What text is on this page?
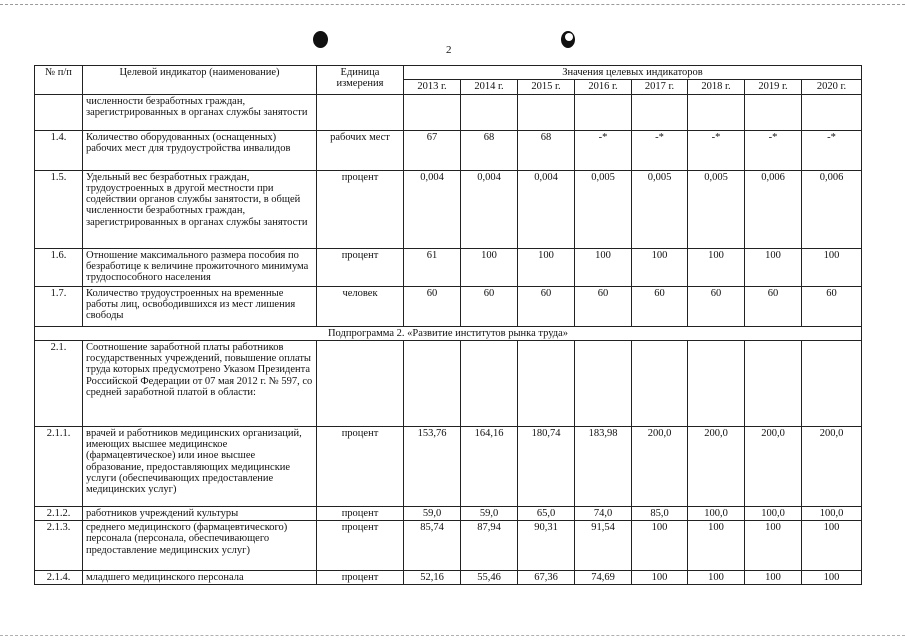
2
№ п/п	Целевой индикатор (наименование)	Единица измерения	Значения целевых индикаторов							
			2013 г.	2014 г.	2015 г.	2016 г.	2017 г.	2018 г.	2019 г.	2020 г.
	численности безработных граждан, зарегистрированных в органах службы занятости									
1.4.	Количество оборудованных (оснащенных) рабочих мест для трудоустройства инвалидов	рабочих мест	67	68	68	-*	-*	-*	-*	-*
1.5.	Удельный вес безработных граждан, трудоустроенных в другой местности при содействии органов службы занятости, в общей численности безработных граждан, зарегистрированных в органах службы занятости	процент	0,004	0,004	0,004	0,005	0,005	0,005	0,006	0,006
1.6.	Отношение максимального размера пособия по безработице к величине прожиточного минимума трудоспособного населения	процент	61	100	100	100	100	100	100	100
1.7.	Количество трудоустроенных на временные работы лиц, освободившихся из мест лишения свободы	человек	60	60	60	60	60	60	60	60
Подпрограмма 2. «Развитие институтов рынка труда»										
2.1.	Соотношение заработной платы работников государственных учреждений, повышение оплаты труда которых предусмотрено Указом Президента Российской Федерации от 07 мая 2012 г. № 597, со средней заработной платой в области:									
2.1.1.	врачей и работников медицинских организаций, имеющих высшее медицинское (фармацевтическое) или иное высшее образование, предоставляющих медицинские услуги (обеспечивающих предоставление медицинских услуг)	процент	153,76	164,16	180,74	183,98	200,0	200,0	200,0	200,0
2.1.2.	работников учреждений культуры	процент	59,0	59,0	65,0	74,0	85,0	100,0	100,0	100,0
2.1.3.	среднего медицинского (фармацевтического) персонала (персонала, обеспечивающего предоставление медицинских услуг)	процент	85,74	87,94	90,31	91,54	100	100	100	100
2.1.4.	младшего медицинского персонала	процент	52,16	55,46	67,36	74,69	100	100	100	100
